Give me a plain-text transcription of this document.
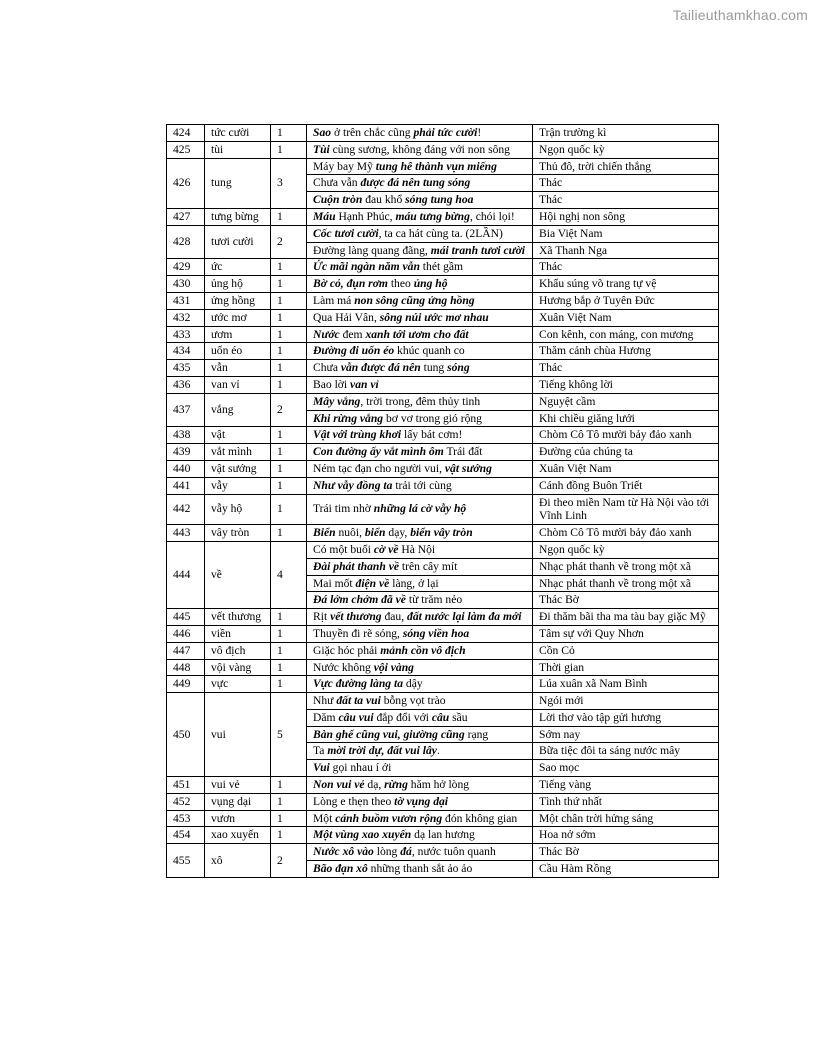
Tailieuthamkhao.com
424	tức cười	1	Sao ở trên chắc cũng phải tức cười!	Trận trường kì
425	tùi	1	Tùi cùng sương, không đáng với non sông	Ngọn quốc kỳ
426	tung	3	Máy bay Mỹ tung hê thành vụn miếng	Thủ đô, trời chiến thắng
			Chưa vẫn được đá nên tung sóng	Thác
			Cuộn tròn đau khổ sóng tung hoa	Thác
427	tưng bừng	1	Máu Hạnh Phúc, máu tưng bừng, chói lọi!	Hội nghị non sông
428	tươi cười	2	Cốc tươi cười, ta ca hát cùng ta. (2LẦN)	Bia Việt Nam
			Đường làng quang đãng, mái tranh tươi cười	Xã Thanh Nga
429	ức	1	Ức mãi ngàn năm vẫn thét gầm	Thác
430	ủng hộ	1	Bờ cỏ, đụn rơm theo ủng hộ	Khẩu súng võ trang tự vệ
431	ửng hồng	1	Làm má non sông cũng ửng hồng	Hương bắp ở Tuyên Đức
432	ước mơ	1	Qua Hải Vân, sông núi ước mơ nhau	Xuân Việt Nam
433	ươm	1	Nước đem xanh tới ươm cho đất	Con kênh, con máng, con mương
434	uốn éo	1	Đường đi uốn éo khúc quanh co	Thăm cảnh chùa Hương
435	vẫn	1	Chưa vẫn được đá nên tung sóng	Thác
436	van vỉ	1	Bao lời van vỉ	Tiếng không lời
437	vắng	2	Mây vắng, trời trong, đêm thủy tinh	Nguyệt cầm
			Khi rừng vắng bơ vơ trong gió rộng	Khi chiều giăng lưới
438	vật	1	Vật với trùng khơi lấy bát cơm!	Chòm Cô Tô mười bảy đảo xanh
439	vắt mình	1	Con đường ấy vắt mình ôm Trái đất	Đường của chúng ta
440	vật sướng	1	Ném tạc đạn cho người vui, vật sướng	Xuân Việt Nam
441	vẫy	1	Như vẫy đồng ta trải tới cùng	Cánh đồng Buôn Triết
442	vẫy hộ	1	Trái tim nhờ những lá cờ vẫy hộ	Đi theo miền Nam từ Hà Nội vào tới Vĩnh Linh
443	vây tròn	1	Biển nuôi, biển dạy, biển vây tròn	Chòm Cô Tô mười bảy đảo xanh
444	về	4	Có một buổi cờ về Hà Nội	Ngọn quốc kỳ
			Đài phát thanh về trên cây mít	Nhạc phát thanh về trong một xã
			Mai mốt điện về làng, ở lại	Nhạc phát thanh về trong một xã
			Đá lởm chởm đã về từ trăm nẻo	Thác Bờ
445	vết thương	1	Rịt vết thương đau, đất nước lại làm đa mới	Đi thăm bãi tha ma tàu bay giặc Mỹ
446	viền	1	Thuyền đi rẽ sóng, sóng viền hoa	Tâm sự với Quy Nhơn
447	vô địch	1	Giặc hóc phải mảnh cồn vô địch	Cồn Cỏ
448	vội vàng	1	Nước không vội vàng	Thời gian
449	vực	1	Vực đường làng ta dậy	Lúa xuân xã Nam Bình
450	vui	5	Như đất ta vui bỗng vọt trào	Ngói mới
			Dăm câu vui đắp đổi với câu sầu	Lời thơ vào tập gửi hương
			Bàn ghế cũng vui, giường cũng rạng	Sớm nay
			Ta mời trời dự, đất vui lây.	Bữa tiệc đôi ta sáng nước mây
			Vui gọi nhau í ới	Sao mọc
451	vui vẻ	1	Non vui vẻ dạ, rừng hăm hở lòng	Tiếng vàng
452	vụng dại	1	Lòng e thẹn theo tờ vụng dại	Tình thứ nhất
453	vươn	1	Một cánh buồm vươn rộng đón không gian	Một chân trời hửng sáng
454	xao xuyến	1	Một vùng xao xuyến dạ lan hương	Hoa nở sớm
455	xô	2	Nước xô vào lòng đá, nước tuôn quanh	Thác Bờ
			Bão đạn xô những thanh sắt ảo ảo	Cầu Hàm Rồng
